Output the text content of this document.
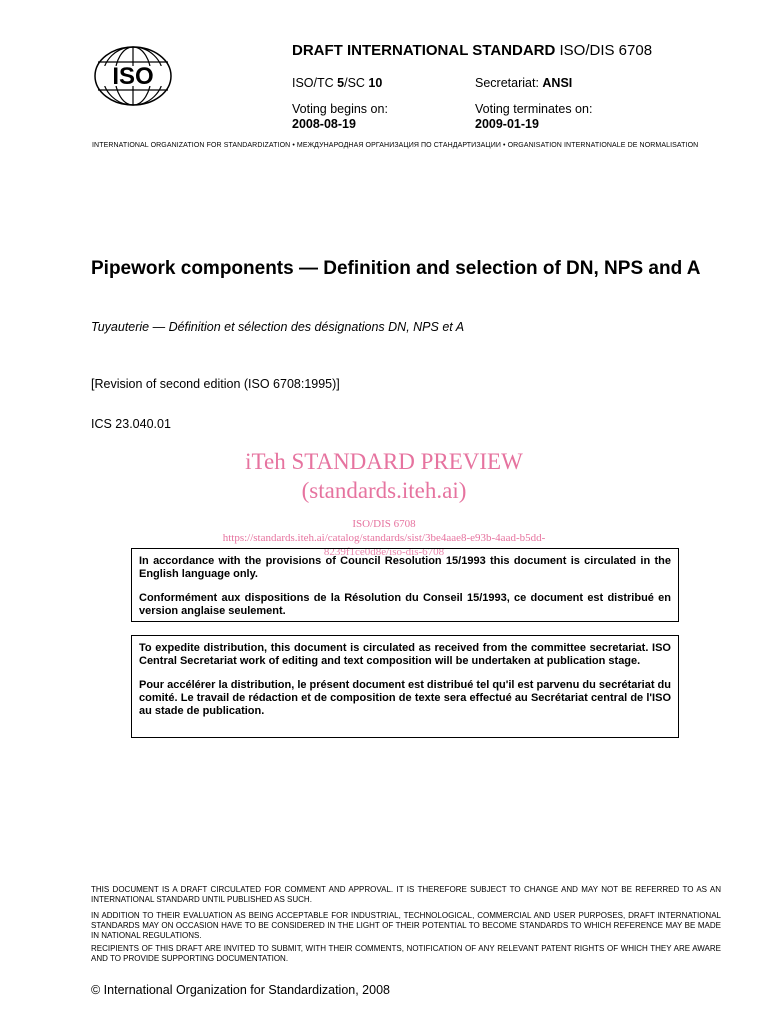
ISO
DRAFT INTERNATIONAL STANDARD ISO/DIS 6708
ISO/TC 5/SC 10	Secretariat: ANSI
Voting begins on:
2008-08-19
Voting terminates on:
2009-01-19
INTERNATIONAL ORGANIZATION FOR STANDARDIZATION • МЕЖДУНАРОДНАЯ ОРГАНИЗАЦИЯ ПО СТАНДАРТИЗАЦИИ • ORGANISATION INTERNATIONALE DE NORMALISATION
Pipework components — Definition and selection of DN, NPS and A
Tuyauterie — Définition et sélection des désignations DN, NPS et A
[Revision of second edition (ISO 6708:1995)]
ICS 23.040.01
iTeh STANDARD PREVIEW
(standards.iteh.ai)
ISO/DIS 6708
https://standards.iteh.ai/catalog/standards/sist/3be4aae8-e93b-4aad-b5dd-
8239f1ce0d8e/iso-dis-6708

In accordance with the provisions of Council Resolution 15/1993 this document is circulated in the English language only.

Conformément aux dispositions de la Résolution du Conseil 15/1993, ce document est distribué en version anglaise seulement.

To expedite distribution, this document is circulated as received from the committee secretariat. ISO Central Secretariat work of editing and text composition will be undertaken at publication stage.

Pour accélérer la distribution, le présent document est distribué tel qu'il est parvenu du secrétariat du comité. Le travail de rédaction et de composition de texte sera effectué au Secrétariat central de l'ISO au stade de publication.

THIS DOCUMENT IS A DRAFT CIRCULATED FOR COMMENT AND APPROVAL. IT IS THEREFORE SUBJECT TO CHANGE AND MAY NOT BE REFERRED TO AS AN INTERNATIONAL STANDARD UNTIL PUBLISHED AS SUCH.
IN ADDITION TO THEIR EVALUATION AS BEING ACCEPTABLE FOR INDUSTRIAL, TECHNOLOGICAL, COMMERCIAL AND USER PURPOSES, DRAFT INTERNATIONAL STANDARDS MAY ON OCCASION HAVE TO BE CONSIDERED IN THE LIGHT OF THEIR POTENTIAL TO BECOME STANDARDS TO WHICH REFERENCE MAY BE MADE IN NATIONAL REGULATIONS.
RECIPIENTS OF THIS DRAFT ARE INVITED TO SUBMIT, WITH THEIR COMMENTS, NOTIFICATION OF ANY RELEVANT PATENT RIGHTS OF WHICH THEY ARE AWARE AND TO PROVIDE SUPPORTING DOCUMENTATION.
© International Organization for Standardization, 2008
